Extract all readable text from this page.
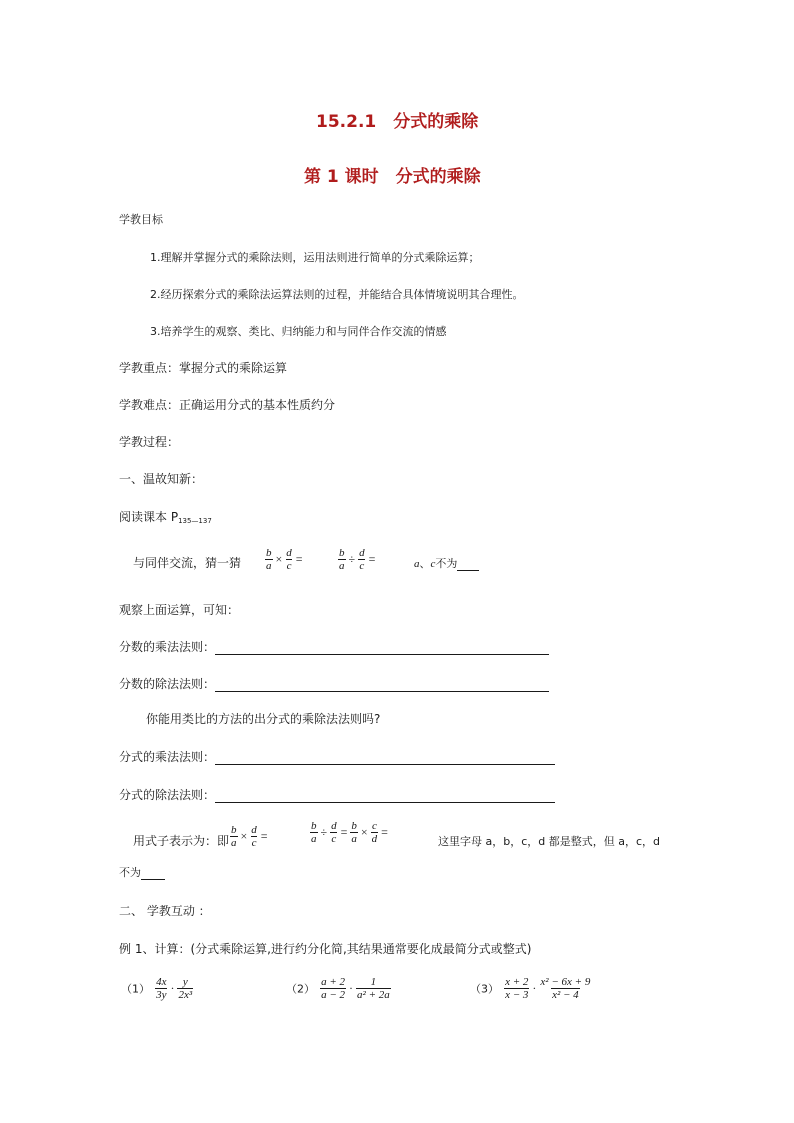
15.2.1　分式的乘除
第 1 课时　分式的乘除
学教目标
1.理解并掌握分式的乘除法则，运用法则进行简单的分式乘除运算；
2.经历探索分式的乘除法运算法则的过程，并能结合具体情境说明其合理性。
3.培养学生的观察、类比、归纳能力和与同伴合作交流的情感
学教重点：掌握分式的乘除运算
学教难点：正确运用分式的基本性质约分
学教过程：
一、温故知新：
阅读课本 $P_{135—137}$
与同伴交流，猜一猜 $\frac{b}{a} \times \frac{d}{c}$ =	$\frac{b}{a} \div \frac{d}{c}$ =	a、c不为
观察上面运算，可知：
分数的乘法法则：
分数的除法法则：
你能用类比的方法的出分式的乘除法法则吗?
分式的乘法法则：
分式的除法法则：
用式子表示为：即 $\frac{b}{a} \times \frac{d}{c}$ =	$\frac{b}{a} \div \frac{d}{c} = \frac{b}{a} \times \frac{c}{d}$ =
这里字母 a，b，c，d 都是整式，但 a，c，d
不为
二、 学教互动 ：
例 1、计算：(分式乘除运算,进行约分化简,其结果通常要化成最简分式或整式)
$(1) \frac{4x}{3y} \cdot \frac{y}{\text{2x³}}$	$(2) \frac{a + 2}{a - 2} \cdot \frac{1}{\text{a² + 2a}}$	$(3) \frac{x + 2}{x - 3} \cdot \frac{\text{x² − 6x + 9}}{\text{x² − 4}}$
